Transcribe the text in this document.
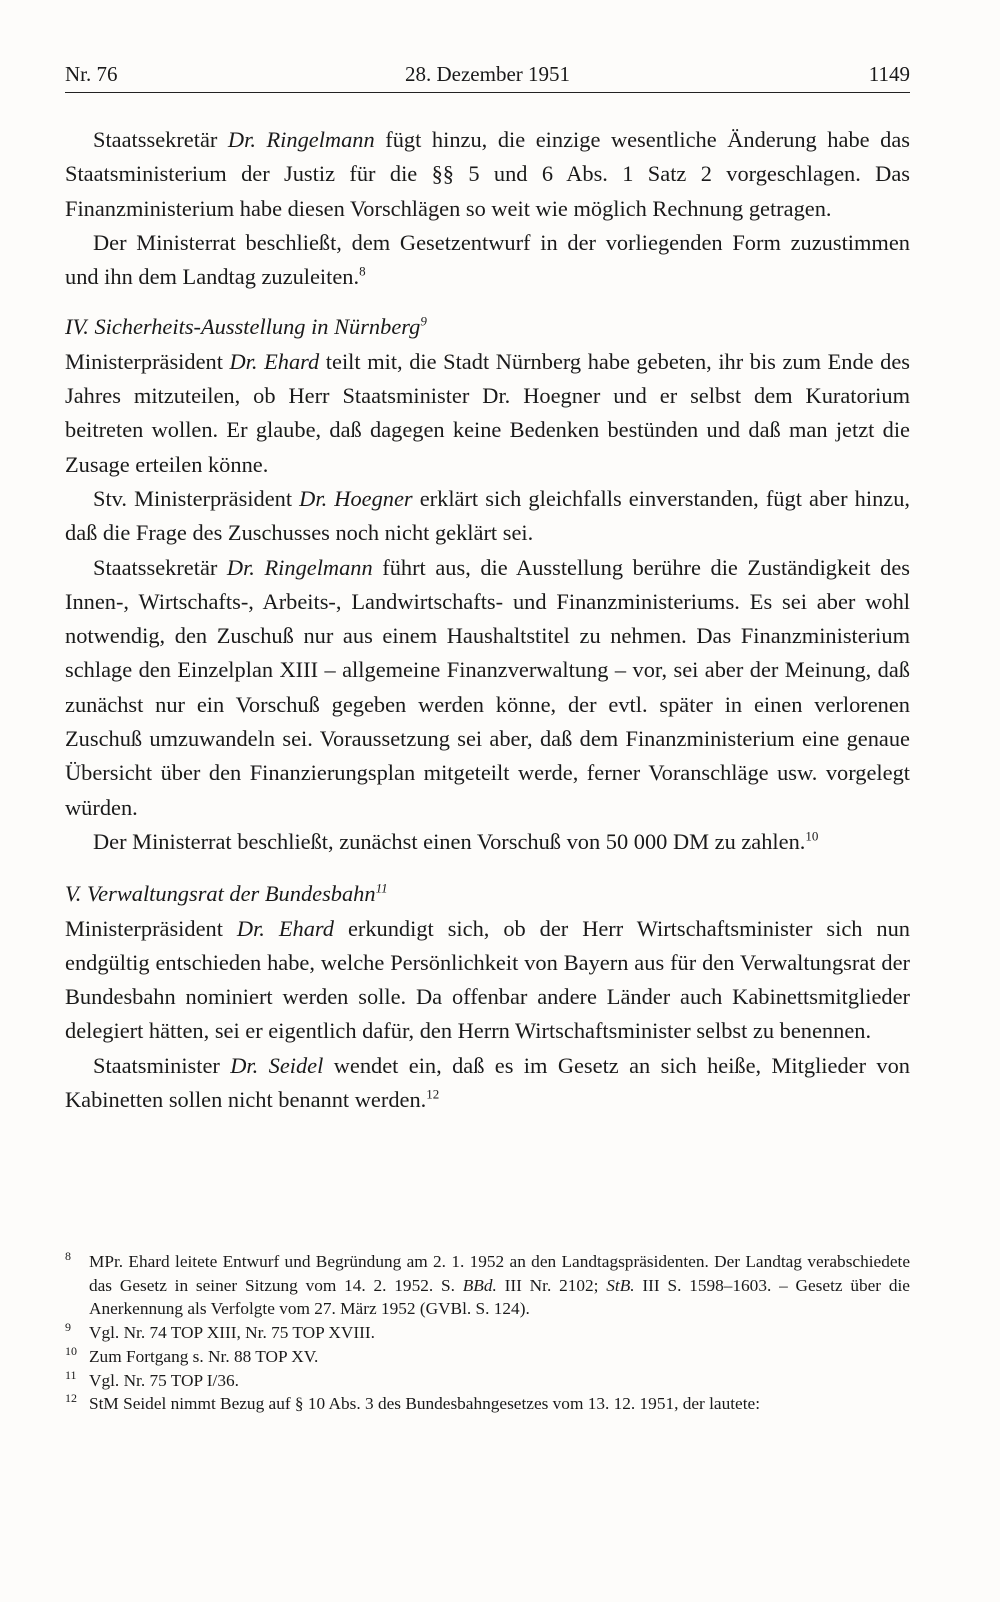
Nr. 76	28. Dezember 1951	1149

Staatssekretär Dr. Ringelmann fügt hinzu, die einzige wesentliche Änderung habe das Staatsministerium der Justiz für die §§ 5 und 6 Abs. 1 Satz 2 vorgeschlagen. Das Finanzministerium habe diesen Vorschlägen so weit wie möglich Rechnung getragen.

Der Ministerrat beschließt, dem Gesetzentwurf in der vorliegenden Form zuzustimmen und ihn dem Landtag zuzuleiten.$^8$

IV. Sicherheits-Ausstellung in Nürnberg$^9$

Ministerpräsident Dr. Ehard teilt mit, die Stadt Nürnberg habe gebeten, ihr bis zum Ende des Jahres mitzuteilen, ob Herr Staatsminister Dr. Hoegner und er selbst dem Kuratorium beitreten wollen. Er glaube, daß dagegen keine Bedenken bestünden und daß man jetzt die Zusage erteilen könne.

Stv. Ministerpräsident Dr. Hoegner erklärt sich gleichfalls einverstanden, fügt aber hinzu, daß die Frage des Zuschusses noch nicht geklärt sei.

Staatssekretär Dr. Ringelmann führt aus, die Ausstellung berühre die Zuständigkeit des Innen-, Wirtschafts-, Arbeits-, Landwirtschafts- und Finanzministeriums. Es sei aber wohl notwendig, den Zuschuß nur aus einem Haushaltstitel zu nehmen. Das Finanzministerium schlage den Einzelplan XIII – allgemeine Finanzverwaltung – vor, sei aber der Meinung, daß zunächst nur ein Vorschuß gegeben werden könne, der evtl. später in einen verlorenen Zuschuß umzuwandeln sei. Voraussetzung sei aber, daß dem Finanzministerium eine genaue Übersicht über den Finanzierungsplan mitgeteilt werde, ferner Voranschläge usw. vorgelegt würden.

Der Ministerrat beschließt, zunächst einen Vorschuß von 50 000 DM zu zahlen.$^{10}$

V. Verwaltungsrat der Bundesbahn$^{11}$

Ministerpräsident Dr. Ehard erkundigt sich, ob der Herr Wirtschaftsminister sich nun endgültig entschieden habe, welche Persönlichkeit von Bayern aus für den Verwaltungsrat der Bundesbahn nominiert werden solle. Da offenbar andere Länder auch Kabinettsmitglieder delegiert hätten, sei er eigentlich dafür, den Herrn Wirtschaftsminister selbst zu benennen.

Staatsminister Dr. Seidel wendet ein, daß es im Gesetz an sich heiße, Mitglieder von Kabinetten sollen nicht benannt werden.$^{12}$

8 MPr. Ehard leitete Entwurf und Begründung am 2. 1. 1952 an den Landtagspräsidenten. Der Landtag verabschiedete das Gesetz in seiner Sitzung vom 14. 2. 1952. S. BBd. III Nr. 2102; StB. III S. 1598–1603. – Gesetz über die Anerkennung als Verfolgte vom 27. März 1952 (GVBl. S. 124).

9 Vgl. Nr. 74 TOP XIII, Nr. 75 TOP XVIII.

10 Zum Fortgang s. Nr. 88 TOP XV.

11 Vgl. Nr. 75 TOP I/36.

12 StM Seidel nimmt Bezug auf § 10 Abs. 3 des Bundesbahngesetzes vom 13. 12. 1951, der lautete:
